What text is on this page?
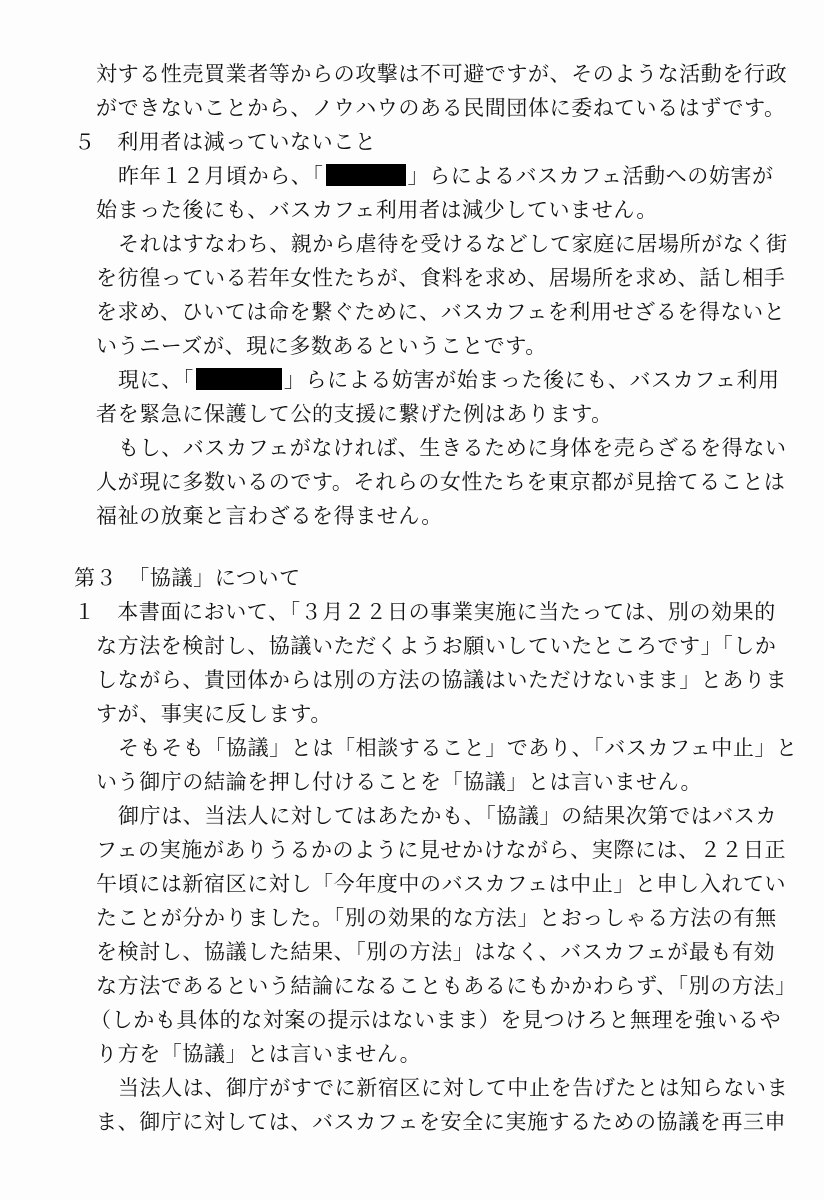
対する性売買業者等からの攻撃は不可避ですが、そのような活動を行政
ができないことから、ノウハウのある民間団体に委ねているはずです。
５　利用者は減っていないこと
昨年１２月頃から、「	」らによるバスカフェ活動への妨害が
始まった後にも、バスカフェ利用者は減少していません。
それはすなわち、親から虐待を受けるなどして家庭に居場所がなく街
を彷徨っている若年女性たちが、食料を求め、居場所を求め、話し相手
を求め、ひいては命を繋ぐために、バスカフェを利用せざるを得ないと
いうニーズが、現に多数あるということです。
現に、「	」らによる妨害が始まった後にも、バスカフェ利用
者を緊急に保護して公的支援に繋げた例はあります。
もし、バスカフェがなければ、生きるために身体を売らざるを得ない
人が現に多数いるのです。それらの女性たちを東京都が見捨てることは
福祉の放棄と言わざるを得ません。
第３　「協議」について
１　本書面において、「３月２２日の事業実施に当たっては、別の効果的
な方法を検討し、協議いただくようお願いしていたところです」「しか
しながら、貴団体からは別の方法の協議はいただけないまま」とありま
すが、事実に反します。
そもそも「協議」とは「相談すること」であり、「バスカフェ中止」と
いう御庁の結論を押し付けることを「協議」とは言いません。
御庁は、当法人に対してはあたかも、「協議」の結果次第ではバスカ
フェの実施がありうるかのように見せかけながら、実際には、２２日正
午頃には新宿区に対し「今年度中のバスカフェは中止」と申し入れてい
たことが分かりました。「別の効果的な方法」とおっしゃる方法の有無
を検討し、協議した結果、「別の方法」はなく、バスカフェが最も有効
な方法であるという結論になることもあるにもかかわらず、「別の方法」
（しかも具体的な対案の提示はないまま）を見つけろと無理を強いるや
り方を「協議」とは言いません。
当法人は、御庁がすでに新宿区に対して中止を告げたとは知らないま
ま、御庁に対しては、バスカフェを安全に実施するための協議を再三申
